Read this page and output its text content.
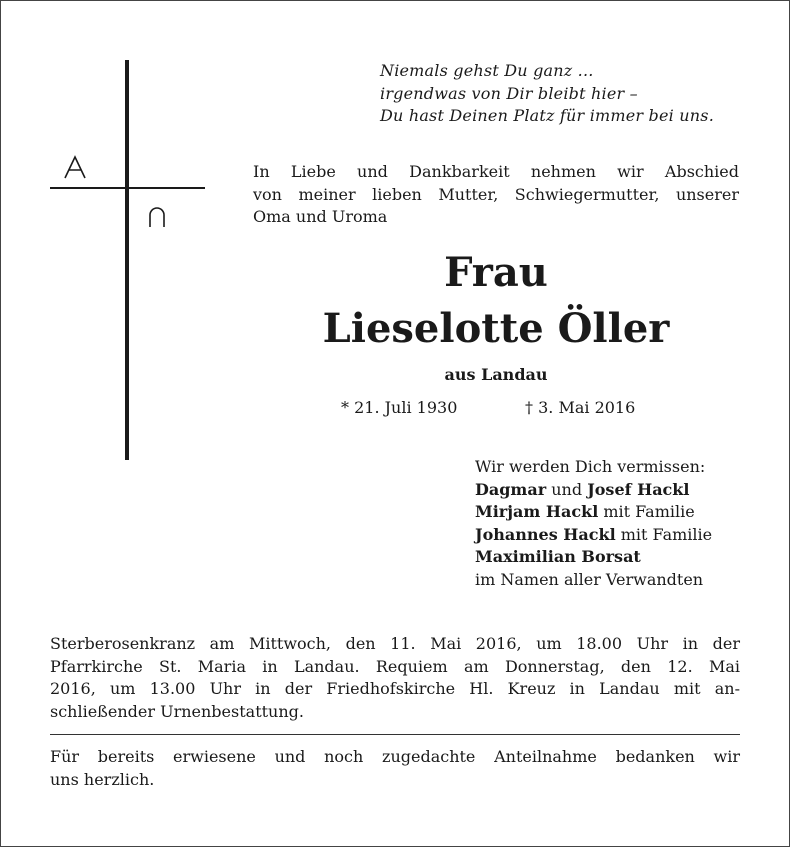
Niemals gehst Du ganz ...
irgendwas von Dir bleibt hier –
Du hast Deinen Platz für immer bei uns.
In Liebe und Dankbarkeit nehmen wir Abschied
von meiner lieben Mutter, Schwiegermutter, unserer
Oma und Uroma
Frau
Lieselotte Öller
aus Landau
* 21. Juli 1930	† 3. Mai 2016
Wir werden Dich vermissen:
Dagmar und Josef Hackl
Mirjam Hackl mit Familie
Johannes Hackl mit Familie
Maximilian Borsat
im Namen aller Verwandten
Sterberosenkranz am Mittwoch, den 11. Mai 2016, um 18.00 Uhr in der
Pfarrkirche St. Maria in Landau. Requiem am Donnerstag, den 12. Mai
2016, um 13.00 Uhr in der Friedhofskirche Hl. Kreuz in Landau mit an-
schließender Urnenbestattung.
Für bereits erwiesene und noch zugedachte Anteilnahme bedanken wir
uns herzlich.
